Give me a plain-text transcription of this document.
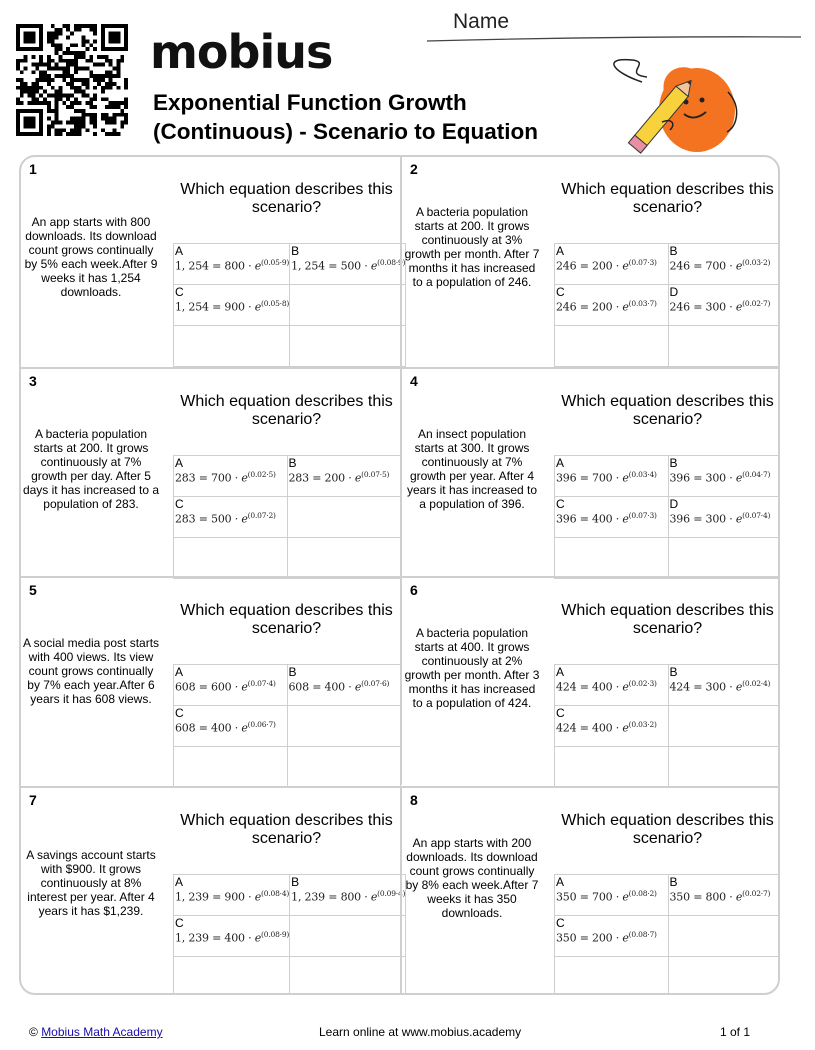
mobius
Exponential Function Growth
(Continuous) - Scenario to Equation
Name
1
Which equation describes this scenario?
An app starts with 800 downloads. Its download count grows continually by 5% each week.After 9 weeks it has 1,254 downloads.
A
1, $254 = 800 \cdot e^{(0.05\cdot 9)}$	B
1, $254 = 500 \cdot e^{(0.08\cdot 9)}$

C
1, $254 = 900 \cdot e^{(0.05\cdot 8)}$

2
Which equation describes this scenario?
A bacteria population starts at 200. It grows continuously at 3% growth per month. After 7 months it has increased to a population of 246.
A
$246 = 200 \cdot e^{(0.07\cdot 3)}$	B
$246 = 700 \cdot e^{(0.03\cdot 2)}$

C
$246 = 200 \cdot e^{(0.03\cdot 7)}$	D
$246 = 300 \cdot e^{(0.02\cdot 7)}$

3
Which equation describes this scenario?
A bacteria population starts at 200. It grows continuously at 7% growth per day. After 5 days it has increased to a population of 283.
A
$283 = 700 \cdot e^{(0.02\cdot 5)}$	B
$283 = 200 \cdot e^{(0.07\cdot 5)}$

C
$283 = 500 \cdot e^{(0.07\cdot 2)}$

4
Which equation describes this scenario?
An insect population starts at 300. It grows continuously at 7% growth per year. After 4 years it has increased to a population of 396.
A
$396 = 700 \cdot e^{(0.03\cdot 4)}$	B
$396 = 300 \cdot e^{(0.04\cdot 7)}$

C
$396 = 400 \cdot e^{(0.07\cdot 3)}$	D
$396 = 300 \cdot e^{(0.07\cdot 4)}$

5
Which equation describes this scenario?
A social media post starts with 400 views. Its view count grows continually by 7% each year.After 6 years it has 608 views.
A
$608 = 600 \cdot e^{(0.07\cdot 4)}$	B
$608 = 400 \cdot e^{(0.07\cdot 6)}$

C
$608 = 400 \cdot e^{(0.06\cdot 7)}$

6
Which equation describes this scenario?
A bacteria population starts at 400. It grows continuously at 2% growth per month. After 3 months it has increased to a population of 424.
A
$424 = 400 \cdot e^{(0.02\cdot 3)}$	B
$424 = 300 \cdot e^{(0.02\cdot 4)}$

C
$424 = 400 \cdot e^{(0.03\cdot 2)}$

7
Which equation describes this scenario?
A savings account starts with $900. It grows continuously at 8% interest per year. After 4 years it has $1,239.
A
1, $239 = 900 \cdot e^{(0.08\cdot 4)}$	B
1, $239 = 800 \cdot e^{(0.09\cdot 4)}$

C
1, $239 = 400 \cdot e^{(0.08\cdot 9)}$

8
Which equation describes this scenario?
An app starts with 200 downloads. Its download count grows continually by 8% each week.After 7 weeks it has 350 downloads.
A
$350 = 700 \cdot e^{(0.08\cdot 2)}$	B
$350 = 800 \cdot e^{(0.02\cdot 7)}$

C
$350 = 200 \cdot e^{(0.08\cdot 7)}$

© Mobius Math Academy	Learn online at www.mobius.academy	1 of 1
